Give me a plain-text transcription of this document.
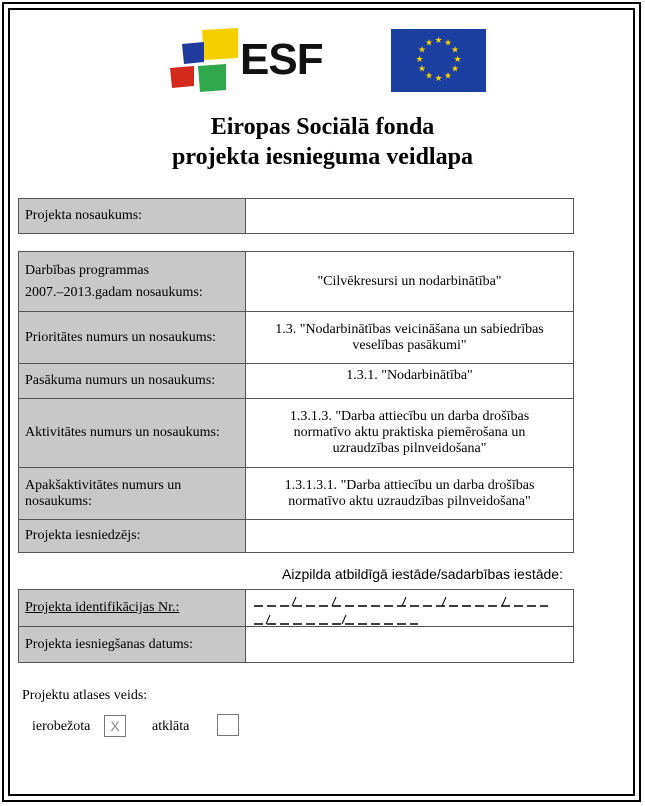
ESF	★ ★
★
★
★
★
★
★
★
★
★
★
Eiropas Sociālā fonda
projekta iesnieguma veidlapa
Projekta nosaukums:	
Darbības programmas
2007.–2013.gadam nosaukums:	"Cilvēkresursi un nodarbinātība"
Prioritātes numurs un nosaukums:	1.3. "Nodarbinātības veicināšana un sabiedrības veselības pasākumi"
Pasākuma numurs un nosaukums:	1.3.1. "Nodarbinātība"
Aktivitātes numurs un nosaukums:	1.3.1.3. "Darba attiecību un darba drošības normatīvo aktu praktiska piemērošana un uzraudzības pilnveidošana"
Apakšaktivitātes numurs un nosaukums:	1.3.1.3.1. "Darba attiecību un darba drošības normatīvo aktu uzraudzības pilnveidošana"
Projekta iesniedzējs:	
Aizpilda atbildīgā iestāde/sadarbības iestāde:
Projekta identifikācijas Nr.:	
Projekta iesniegšanas datums:	
Projektu atlases veids:
ierobežota	X	atklāta
